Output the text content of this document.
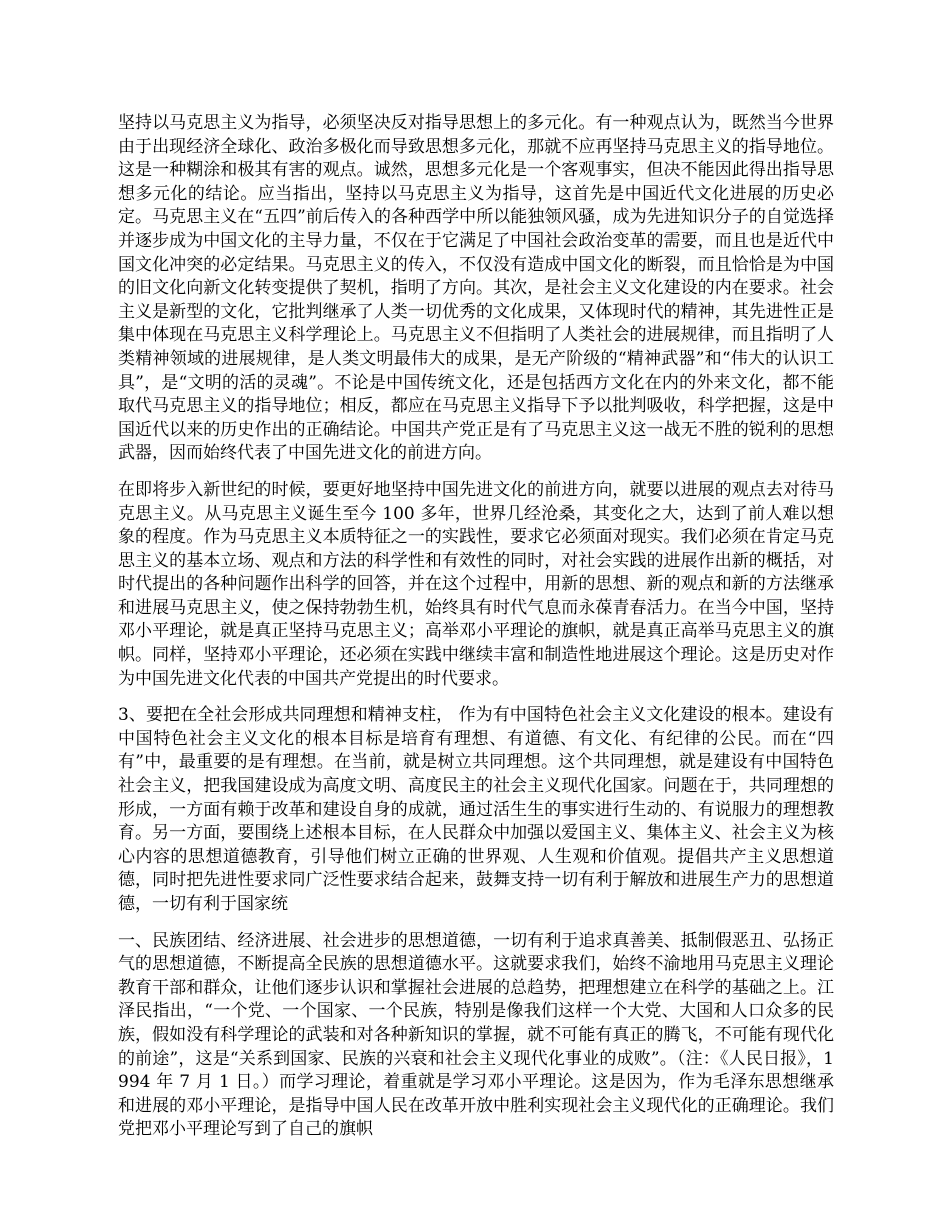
坚持以马克思主义为指导，必须坚决反对指导思想上的多元化。有一种观点认为，既然当今世界由于出现经济全球化、政治多极化而导致思想多元化，那就不应再坚持马克思主义的指导地位。这是一种糊涂和极其有害的观点。诚然，思想多元化是一个客观事实，但决不能因此得出指导思想多元化的结论。应当指出，坚持以马克思主义为指导，这首先是中国近代文化进展的历史必定。马克思主义在“五四”前后传入的各种西学中所以能独领风骚，成为先进知识分子的自觉选择并逐步成为中国文化的主导力量，不仅在于它满足了中国社会政治变革的需要，而且也是近代中国文化冲突的必定结果。马克思主义的传入，不仅没有造成中国文化的断裂，而且恰恰是为中国的旧文化向新文化转变提供了契机，指明了方向。其次，是社会主义文化建设的内在要求。社会主义是新型的文化，它批判继承了人类一切优秀的文化成果，又体现时代的精神，其先进性正是集中体现在马克思主义科学理论上。马克思主义不但指明了人类社会的进展规律，而且指明了人类精神领域的进展规律，是人类文明最伟大的成果，是无产阶级的“精神武器”和“伟大的认识工具”，是“文明的活的灵魂”。不论是中国传统文化，还是包括西方文化在内的外来文化，都不能取代马克思主义的指导地位；相反，都应在马克思主义指导下予以批判吸收，科学把握，这是中国近代以来的历史作出的正确结论。中国共产党正是有了马克思主义这一战无不胜的锐利的思想武器，因而始终代表了中国先进文化的前进方向。

在即将步入新世纪的时候，要更好地坚持中国先进文化的前进方向，就要以进展的观点去对待马克思主义。从马克思主义诞生至今 100 多年，世界几经沧桑，其变化之大，达到了前人难以想象的程度。作为马克思主义本质特征之一的实践性，要求它必须面对现实。我们必须在肯定马克思主义的基本立场、观点和方法的科学性和有效性的同时，对社会实践的进展作出新的概括，对时代提出的各种问题作出科学的回答，并在这个过程中，用新的思想、新的观点和新的方法继承和进展马克思主义，使之保持勃勃生机，始终具有时代气息而永葆青春活力。在当今中国，坚持邓小平理论，就是真正坚持马克思主义；高举邓小平理论的旗帜，就是真正高举马克思主义的旗帜。同样，坚持邓小平理论，还必须在实践中继续丰富和制造性地进展这个理论。这是历史对作为中国先进文化代表的中国共产党提出的时代要求。

3、要把在全社会形成共同理想和精神支柱， 作为有中国特色社会主义文化建设的根本。建设有中国特色社会主义文化的根本目标是培育有理想、有道德、有文化、有纪律的公民。而在“四有”中，最重要的是有理想。在当前，就是树立共同理想。这个共同理想，就是建设有中国特色社会主义，把我国建设成为高度文明、高度民主的社会主义现代化国家。问题在于，共同理想的形成，一方面有赖于改革和建设自身的成就，通过活生生的事实进行生动的、有说服力的理想教育。另一方面，要围绕上述根本目标，在人民群众中加强以爱国主义、集体主义、社会主义为核心内容的思想道德教育，引导他们树立正确的世界观、人生观和价值观。提倡共产主义思想道德，同时把先进性要求同广泛性要求结合起来，鼓舞支持一切有利于解放和进展生产力的思想道德，一切有利于国家统

一、民族团结、经济进展、社会进步的思想道德，一切有利于追求真善美、抵制假恶丑、弘扬正气的思想道德，不断提高全民族的思想道德水平。这就要求我们，始终不渝地用马克思主义理论教育干部和群众，让他们逐步认识和掌握社会进展的总趋势，把理想建立在科学的基础之上。江泽民指出，“一个党、一个国家、一个民族，特别是像我们这样一个大党、大国和人口众多的民族，假如没有科学理论的武装和对各种新知识的掌握，就不可能有真正的腾飞，不可能有现代化的前途”，这是“关系到国家、民族的兴衰和社会主义现代化事业的成败”。（注：《人民日报》，1994 年 7 月 1 日。）而学习理论，着重就是学习邓小平理论。这是因为，作为毛泽东思想继承和进展的邓小平理论，是指导中国人民在改革开放中胜利实现社会主义现代化的正确理论。我们党把邓小平理论写到了自己的旗帜
